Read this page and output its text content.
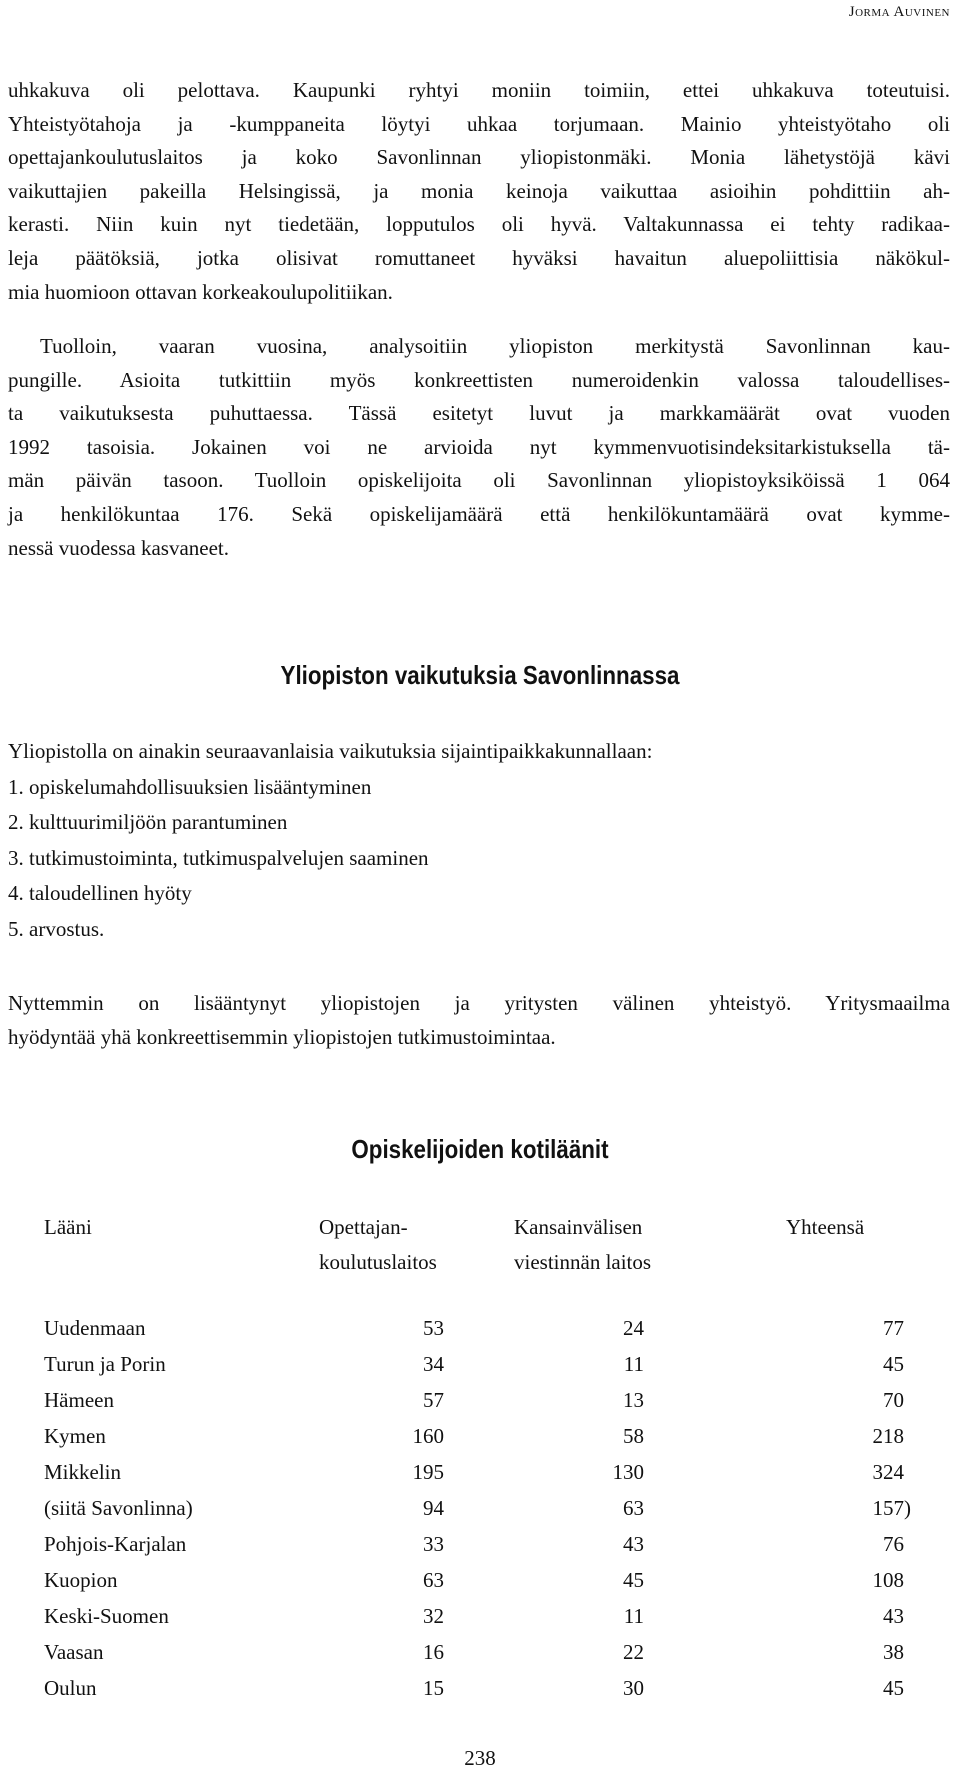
Jorma Auvinen
uhkakuva oli pelottava. Kaupunki ryhtyi moniin toimiin, ettei uhkakuva toteutuisi.
Yhteistyötahoja ja -kumppaneita löytyi uhkaa torjumaan. Mainio yhteistyötaho oli
opettajankoulutuslaitos ja koko Savonlinnan yliopistonmäki. Monia lähetystöjä kävi
vaikuttajien pakeilla Helsingissä, ja monia keinoja vaikuttaa asioihin pohdittiin ah-
kerasti. Niin kuin nyt tiedetään, lopputulos oli hyvä. Valtakunnassa ei tehty radikaa-
leja päätöksiä, jotka olisivat romuttaneet hyväksi havaitun aluepoliittisia näkökul-
mia huomioon ottavan korkeakoulupolitiikan.
Tuolloin, vaaran vuosina, analysoitiin yliopiston merkitystä Savonlinnan kau-
pungille. Asioita tutkittiin myös konkreettisten numeroidenkin valossa taloudellises-
ta vaikutuksesta puhuttaessa. Tässä esitetyt luvut ja markkamäärät ovat vuoden
1992 tasoisia. Jokainen voi ne arvioida nyt kymmenvuotisindeksitarkistuksella tä-
män päivän tasoon. Tuolloin opiskelijoita oli Savonlinnan yliopistoyksiköissä 1 064
ja henkilökuntaa 176. Sekä opiskelijamäärä että henkilökuntamäärä ovat kymme-
nessä vuodessa kasvaneet.
Yliopiston vaikutuksia Savonlinnassa
Yliopistolla on ainakin seuraavanlaisia vaikutuksia sijaintipaikkakunnallaan:
1. opiskelumahdollisuuksien lisääntyminen
2. kulttuurimiljöön parantuminen
3. tutkimustoiminta, tutkimuspalvelujen saaminen
4. taloudellinen hyöty
5. arvostus.
Nyttemmin on lisääntynyt yliopistojen ja yritysten välinen yhteistyö. Yritysmaailma
hyödyntää yhä konkreettisemmin yliopistojen tutkimustoimintaa.
Opiskelijoiden kotiläänit
Lääni	Opettajan-
koulutuslaitos
Kansainvälisen
viestinnän laitos
Yhteensä
Uudenmaan	53	24	77
Turun ja Porin	34	11	45
Hämeen	57	13	70
Kymen	160	58	218
Mikkelin	195	130	324
(siitä Savonlinna)	94	63	157)
Pohjois-Karjalan	33	43	76
Kuopion	63	45	108
Keski-Suomen	32	11	43
Vaasan	16	22	38
Oulun	15	30	45
238
